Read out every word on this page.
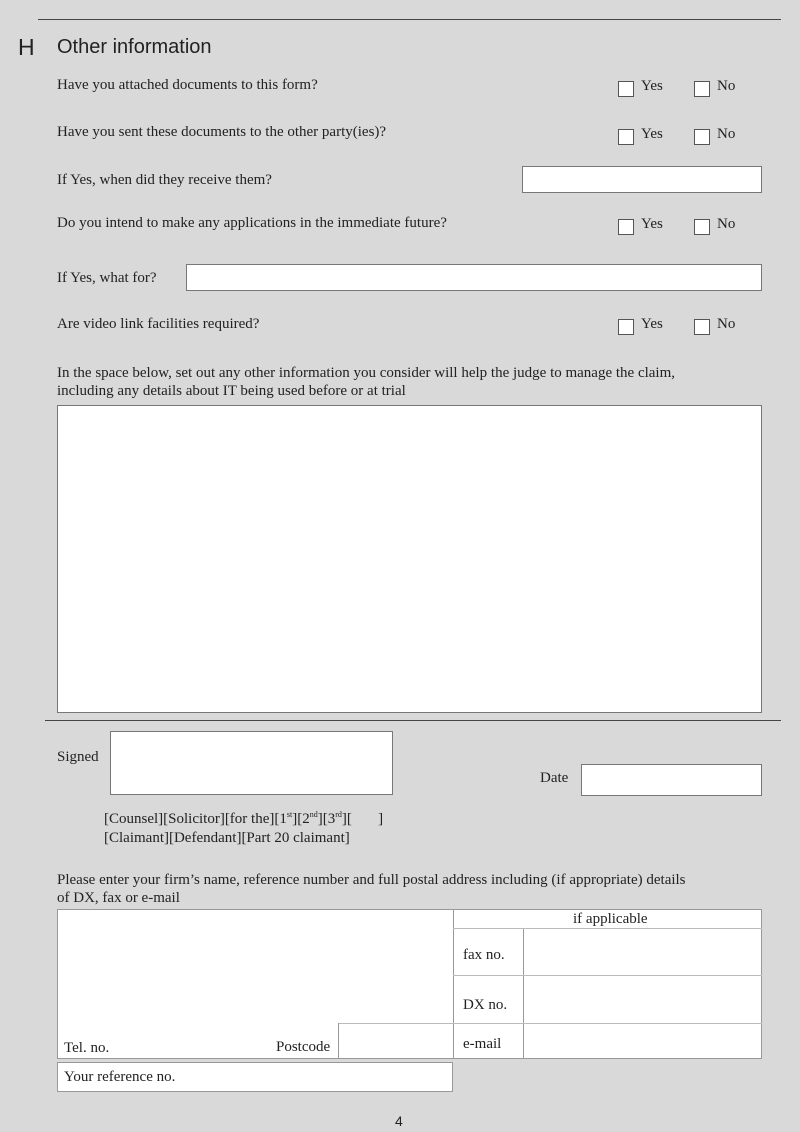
H Other information
Have you attached documents to this form?	Yes	No
Have you sent these documents to the other party(ies)?	Yes	No
If Yes, when did they receive them?
Do you intend to make any applications in the immediate future?	Yes	No
If Yes, what for?
Are video link facilities required?	Yes	No
In the space below, set out any other information you consider will help the judge to manage the claim,
including any details about IT being used before or at trial
Signed
Date
[Counsel][Solicitor][for the][1st][2nd][3rd][       ]
[Claimant][Defendant][Part 20 claimant]
Please enter your firm’s name, reference number and full postal address including (if appropriate) details
of DX, fax or e-mail
if applicable
fax no.
DX no.
e-mail
Tel. no.	Postcode
Your reference no.
4
